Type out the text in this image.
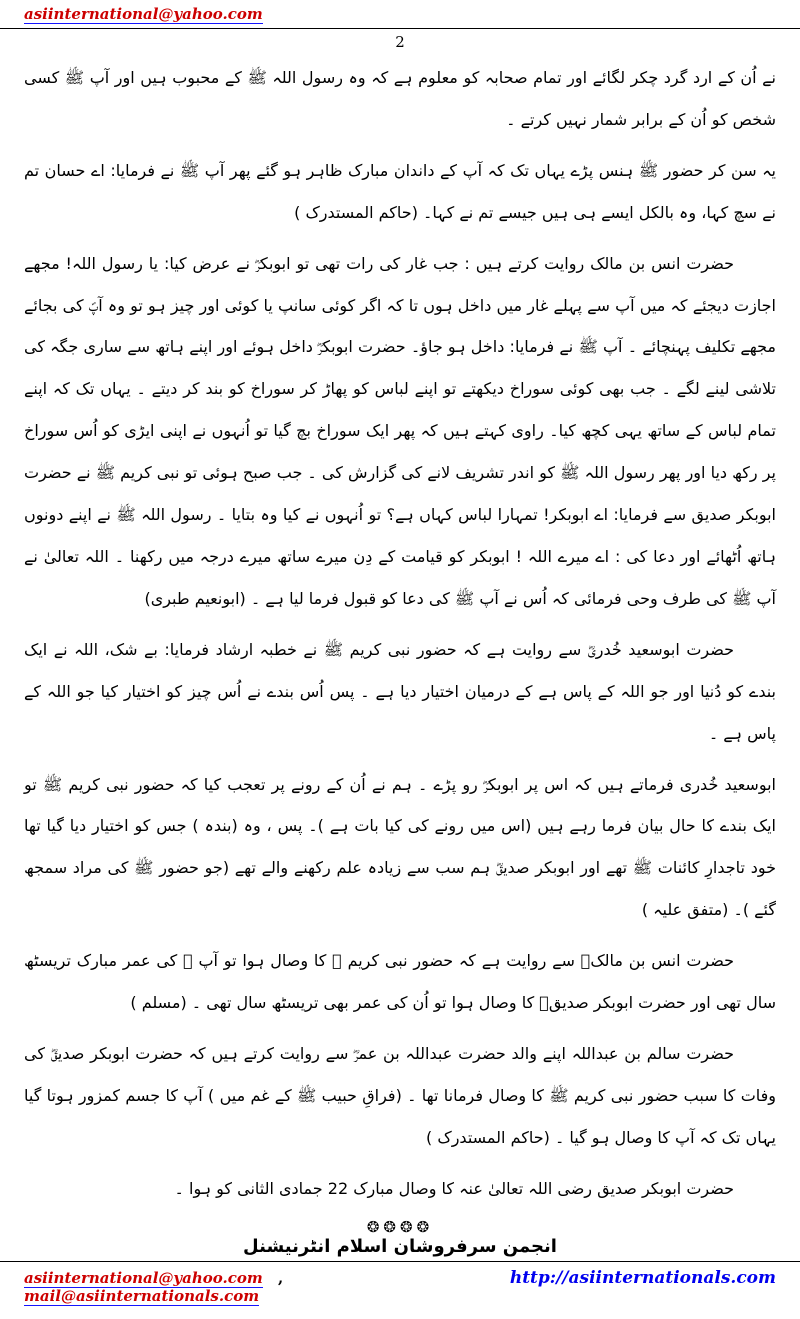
asiinternational@yahoo.com
2

نے اُن کے ارد گرد چکر لگائے اور تمام صحابہ کو معلوم ہے کہ وہ رسول اللہ ﷺ کے محبوب ہیں اور آپ ﷺ کسی شخص کو اُن کے برابر شمار نہیں کرتے ۔

یہ سن کر حضور ﷺ ہنس پڑے یہاں تک کہ آپ کے داندان مبارک ظاہر ہو گئے پھر آپ ﷺ نے فرمایا: اے حسان تم نے سچ کہا، وہ بالکل ایسے ہی ہیں جیسے تم نے کہا۔ (حاکم المستدرک )

حضرت انس بن مالک روایت کرتے ہیں : جب غار کی رات تھی تو ابوبکرؓ نے عرض کیا: یا رسول اللہ! مجھے اجازت دیجئے کہ میں آپ سے پہلے غار میں داخل ہوں تا کہ اگر کوئی سانپ یا کوئی اور چیز ہو تو وہ آپؐ کی بجائے مجھے تکلیف پہنچائے ۔ آپ ﷺ نے فرمایا: داخل ہو جاؤ۔ حضرت ابوبکرؓ داخل ہوئے اور اپنے ہاتھ سے ساری جگہ کی تلاشی لینے لگے ۔ جب بھی کوئی سوراخ دیکھتے تو اپنے لباس کو پھاڑ کر سوراخ کو بند کر دیتے ۔ یہاں تک کہ اپنے تمام لباس کے ساتھ یہی کچھ کیا۔ راوی کہتے ہیں کہ پھر ایک سوراخ بچ گیا تو اُنہوں نے اپنی ایڑی کو اُس سوراخ پر رکھ دیا اور پھر رسول اللہ ﷺ کو اندر تشریف لانے کی گزارش کی ۔ جب صبح ہوئی تو نبی کریم ﷺ نے حضرت ابوبکر صدیق سے فرمایا: اے ابوبکر! تمہارا لباس کہاں ہے؟ تو اُنہوں نے کیا وہ بتایا ۔ رسول اللہ ﷺ نے اپنے دونوں ہاتھ اُٹھائے اور دعا کی : اے میرے اللہ ! ابوبکر کو قیامت کے دِن میرے ساتھ میرے درجہ میں رکھنا ۔ اللہ تعالیٰ نے آپ ﷺ کی طرف وحی فرمائی کہ اُس نے آپ ﷺ کی دعا کو قبول فرما لیا ہے ۔ (ابونعیم طبری)

حضرت ابوسعید خُدریؓ سے روایت ہے کہ حضور نبی کریم ﷺ نے خطبہ ارشاد فرمایا: بے شک، اللہ نے ایک بندے کو دُنیا اور جو اللہ کے پاس ہے کے درمیان اختیار دیا ہے ۔ پس اُس بندے نے اُس چیز کو اختیار کیا جو اللہ کے پاس ہے ۔

ابوسعید خُدری فرماتے ہیں کہ اس پر ابوبکرؓ رو پڑے ۔ ہم نے اُن کے رونے پر تعجب کیا کہ حضور نبی کریم ﷺ تو ایک بندے کا حال بیان فرما رہے ہیں (اس میں رونے کی کیا بات ہے )۔ پس ، وہ (بندہ ) جس کو اختیار دیا گیا تھا خود تاجدارِ کائنات ﷺ تھے اور ابوبکر صدیقؓ ہم سب سے زیادہ علم رکھنے والے تھے (جو حضور ﷺ کی مراد سمجھ گئے )۔ (متفق علیہ )

حضرت انس بن مالکؓ سے روایت ہے کہ حضور نبی کریم ﷺ کا وصال ہوا تو آپ ﷺ کی عمر مبارک تریسٹھ سال تھی اور حضرت ابوبکر صدیقؓ کا وصال ہوا تو اُن کی عمر بھی تریسٹھ سال تھی ۔ (مسلم )

حضرت سالم بن عبداللہ اپنے والد حضرت عبداللہ بن عمرؓ سے روایت کرتے ہیں کہ حضرت ابوبکر صدیقؓ کی وفات کا سبب حضور نبی کریم ﷺ کا وصال فرمانا تھا ۔ (فراقِ حبیب ﷺ کے غم میں ) آپ کا جسم کمزور ہوتا گیا یہاں تک کہ آپ کا وصال ہو گیا ۔ (حاکم المستدرک )

حضرت ابوبکر صدیق رضی اللہ تعالیٰ عنہ کا وصال مبارک 22 جمادی الثانی کو ہوا ۔

❂❂❂❂
انجمن سرفروشان اسلام انٹرنیشنل
asiinternational@yahoo.com , mail@asiinternationals.com
http://asiinternationals.com
